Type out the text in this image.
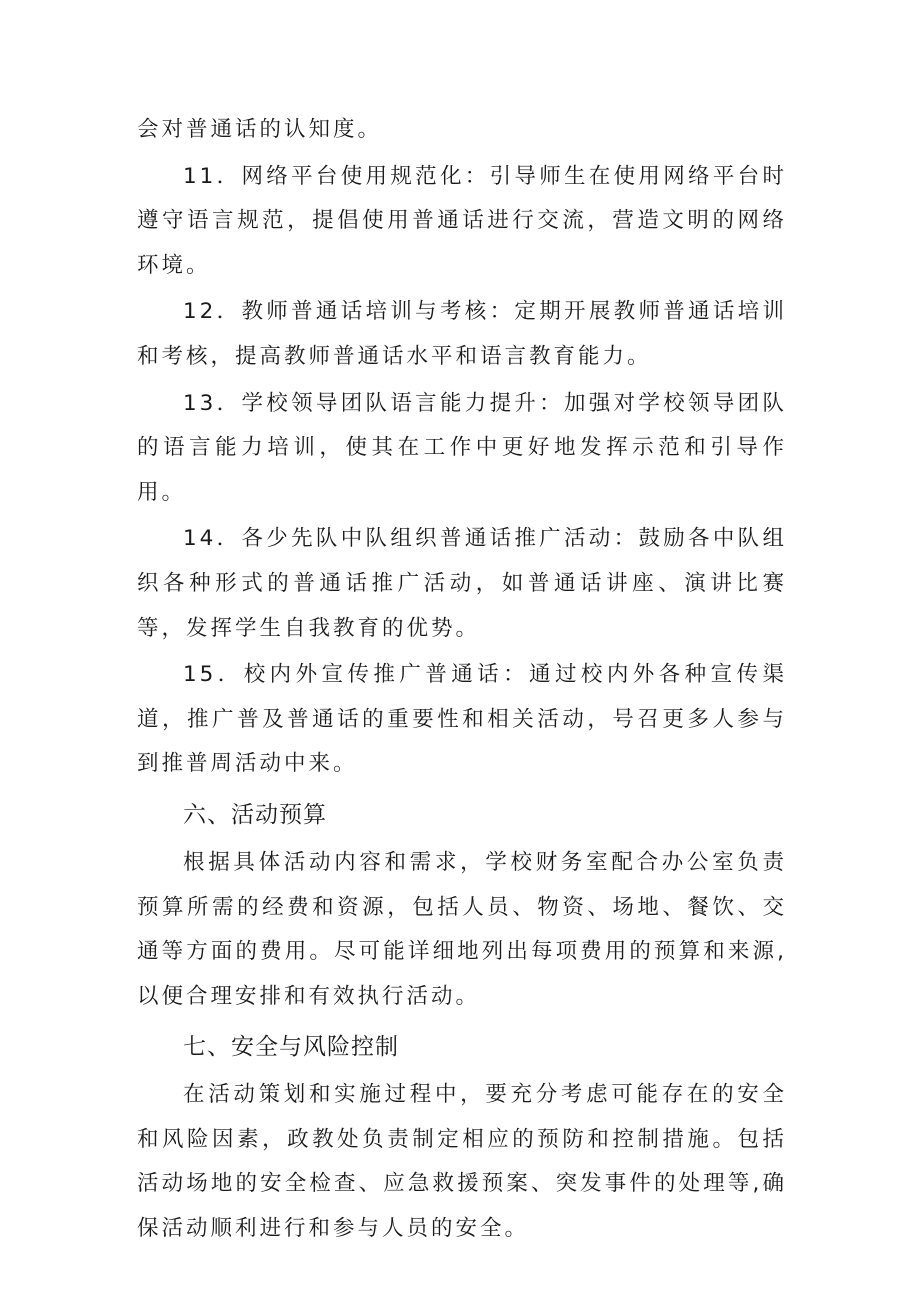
会对普通话的认知度。

11．网络平台使用规范化：引导师生在使用网络平台时遵守语言规范，提倡使用普通话进行交流，营造文明的网络环境。

12．教师普通话培训与考核：定期开展教师普通话培训和考核，提高教师普通话水平和语言教育能力。

13．学校领导团队语言能力提升：加强对学校领导团队的语言能力培训，使其在工作中更好地发挥示范和引导作用。

14．各少先队中队组织普通话推广活动：鼓励各中队组织各种形式的普通话推广活动，如普通话讲座、演讲比赛等，发挥学生自我教育的优势。

15．校内外宣传推广普通话：通过校内外各种宣传渠道，推广普及普通话的重要性和相关活动，号召更多人参与到推普周活动中来。

六、活动预算

根据具体活动内容和需求，学校财务室配合办公室负责预算所需的经费和资源，包括人员、物资、场地、餐饮、交通等方面的费用。尽可能详细地列出每项费用的预算和来源,以便合理安排和有效执行活动。

七、安全与风险控制

在活动策划和实施过程中，要充分考虑可能存在的安全和风险因素，政教处负责制定相应的预防和控制措施。包括活动场地的安全检查、应急救援预案、突发事件的处理等,确保活动顺利进行和参与人员的安全。
